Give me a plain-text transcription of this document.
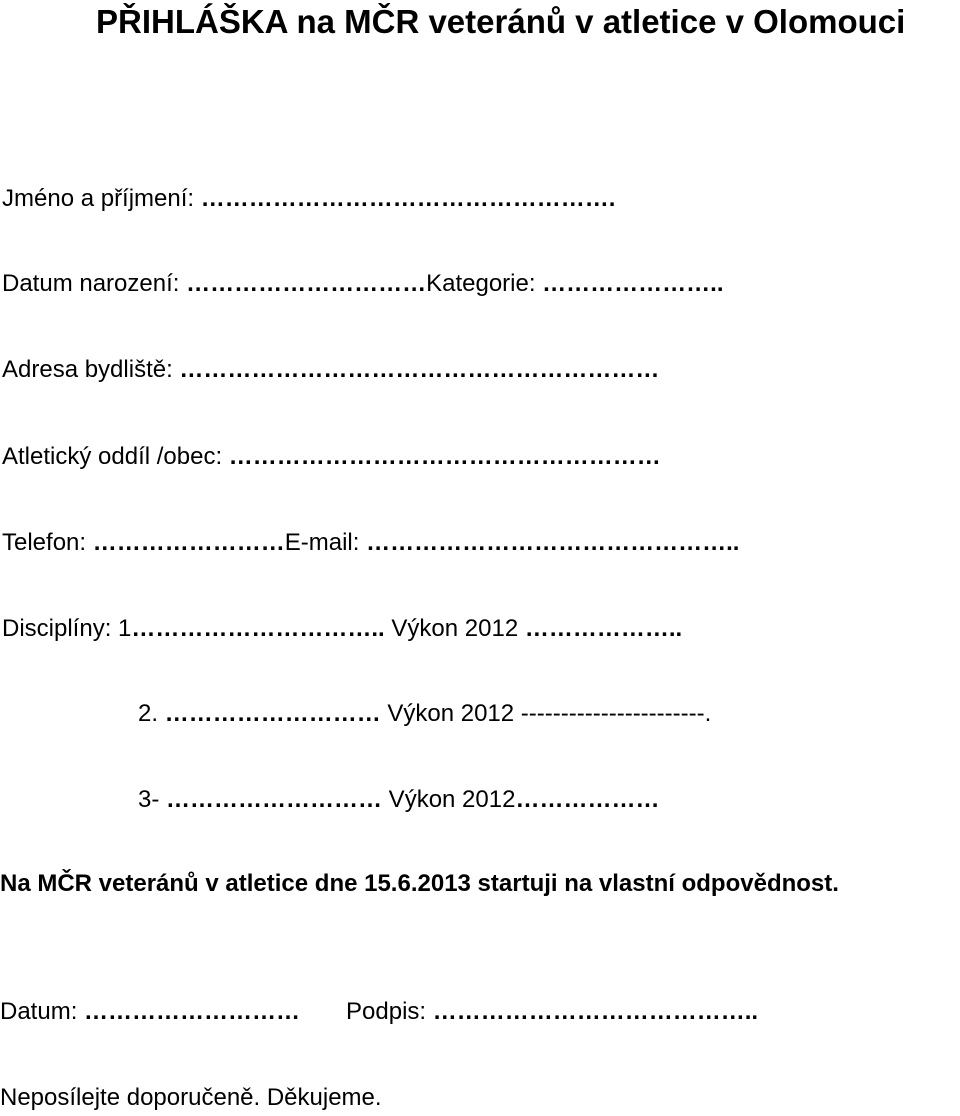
PŘIHLÁŠKA na MČR veteránů v atletice v Olomouci
Jméno a příjmení: …………………………………………….
Datum narození: …………………………Kategorie: …………………..
Adresa bydliště: ……………………………………………………
Atletický oddíl /obec: ………………………………………………
Telefon: ……………………E-mail: ………………………………………..
Disciplíny: 1………………………….. Výkon 2012 ………………..
2. ……………………… Výkon 2012 -----------------------.
3- ……………………… Výkon 2012………………
Na MČR veteránů v atletice dne 15.6.2013 startuji na vlastní odpovědnost.
Datum: ……………………… Podpis: …………………………………..
Neposílejte doporučeně. Děkujeme.
